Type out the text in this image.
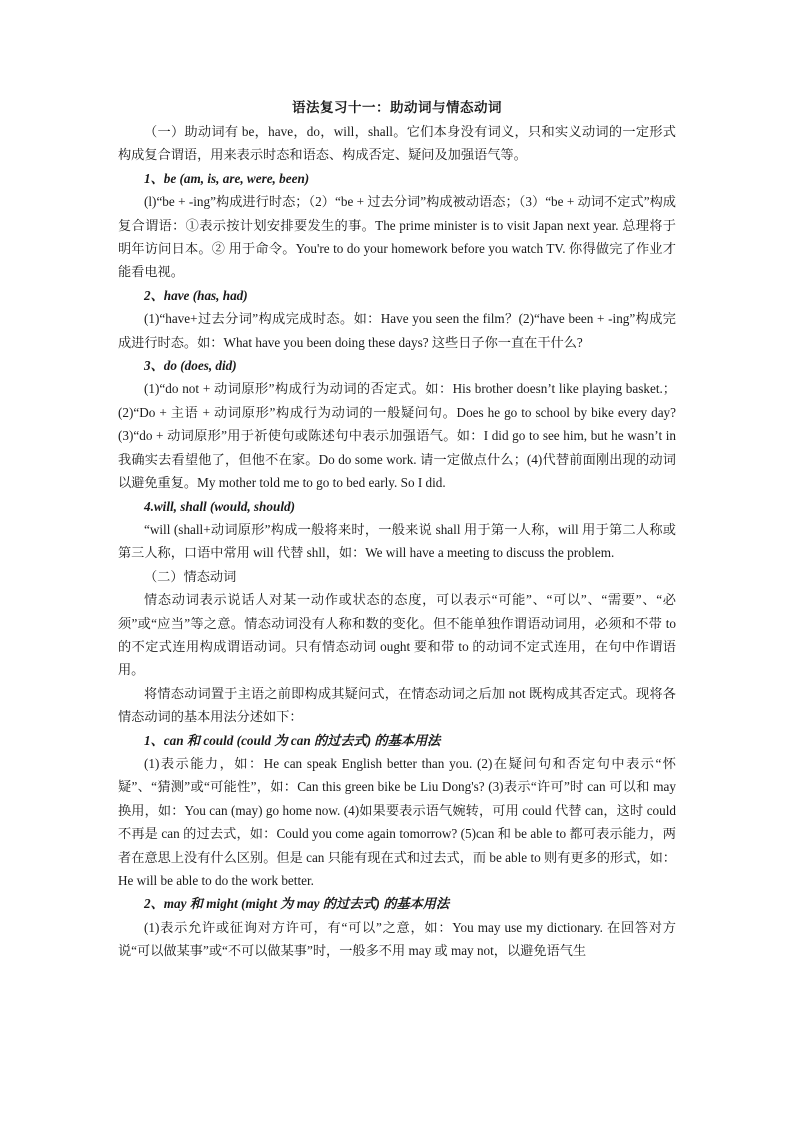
语法复习十一：助动词与情态动词

（一）助动词有 be，have，do，will，shall。它们本身没有词义，只和实义动词的一定形式构成复合谓语，用来表示时态和语态、构成否定、疑问及加强语气等。

1、be (am, is, are, were, been)

(l)“be + -ing”构成进行时态；（2）“be + 过去分词”构成被动语态；（3）“be + 动词不定式”构成复合谓语：①表示按计划安排要发生的事。The prime minister is to visit Japan next year. 总理将于明年访问日本。② 用于命令。You're to do your homework before you watch TV. 你得做完了作业才能看电视。

2、have (has, had)

(1)“have+过去分词”构成完成时态。如：Have you seen the film？(2)“have been + -ing”构成完成进行时态。如：What have you been doing these days? 这些日子你一直在干什么?

3、do (does, did)

(1)“do not + 动词原形”构成行为动词的否定式。如：His brother doesn’t like playing basket.；(2)“Do + 主语 + 动词原形”构成行为动词的一般疑问句。Does he go to school by bike every day? (3)“do + 动词原形”用于祈使句或陈述句中表示加强语气。如：I did go to see him, but he wasn’t in 我确实去看望他了，但他不在家。Do do some work. 请一定做点什么；(4)代替前面刚出现的动词以避免重复。My mother told me to go to bed early. So I did.

4.will, shall (would, should)

“will (shall+动词原形”构成一般将来时，一般来说 shall 用于第一人称，will 用于第二人称或第三人称，口语中常用 will 代替 shll，如：We will have a meeting to discuss the problem.

（二）情态动词

情态动词表示说话人对某一动作或状态的态度，可以表示“可能”、“可以”、“需要”、“必须”或“应当”等之意。情态动词没有人称和数的变化。但不能单独作谓语动词用，必须和不带 to 的不定式连用构成谓语动词。只有情态动词 ought 要和带 to 的动词不定式连用，在句中作谓语用。

将情态动词置于主语之前即构成其疑问式，在情态动词之后加 not 既构成其否定式。现将各情态动词的基本用法分述如下：

1、can 和 could (could 为 can 的过去式) 的基本用法

(1)表示能力，如：He can speak English better than you. (2)在疑问句和否定句中表示“怀疑”、“猜测”或“可能性”，如：Can this green bike be Liu Dong's? (3)表示“许可”时 can 可以和 may 换用，如：You can (may) go home now. (4)如果要表示语气婉转，可用 could 代替 can，这时 could 不再是 can 的过去式，如：Could you come again tomorrow? (5)can 和 be able to 都可表示能力，两者在意思上没有什么区别。但是 can 只能有现在式和过去式，而 be able to 则有更多的形式，如：He will be able to do the work better.

2、may 和 might (might 为 may 的过去式) 的基本用法

(1)表示允许或征询对方许可，有“可以”之意，如：You may use my dictionary. 在回答对方说“可以做某事”或“不可以做某事”时，一般多不用 may 或 may not，以避免语气生
